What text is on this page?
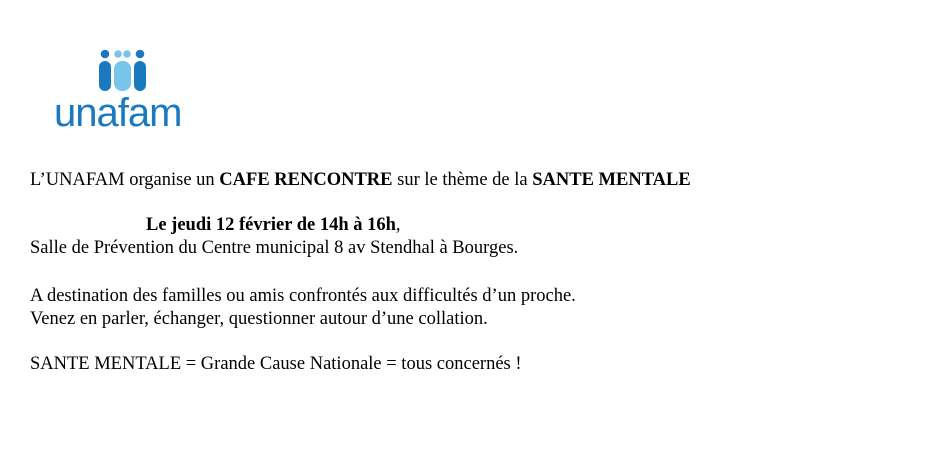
unafam
L’UNAFAM organise un CAFE RENCONTRE sur le thème de la SANTE MENTALE
Le jeudi 12 février de 14h à 16h,
Salle de Prévention du Centre municipal 8 av Stendhal à Bourges.
A destination des familles ou amis confrontés aux difficultés d’un proche.
Venez en parler, échanger, questionner autour d’une collation.
SANTE MENTALE = Grande Cause Nationale = tous concernés !
